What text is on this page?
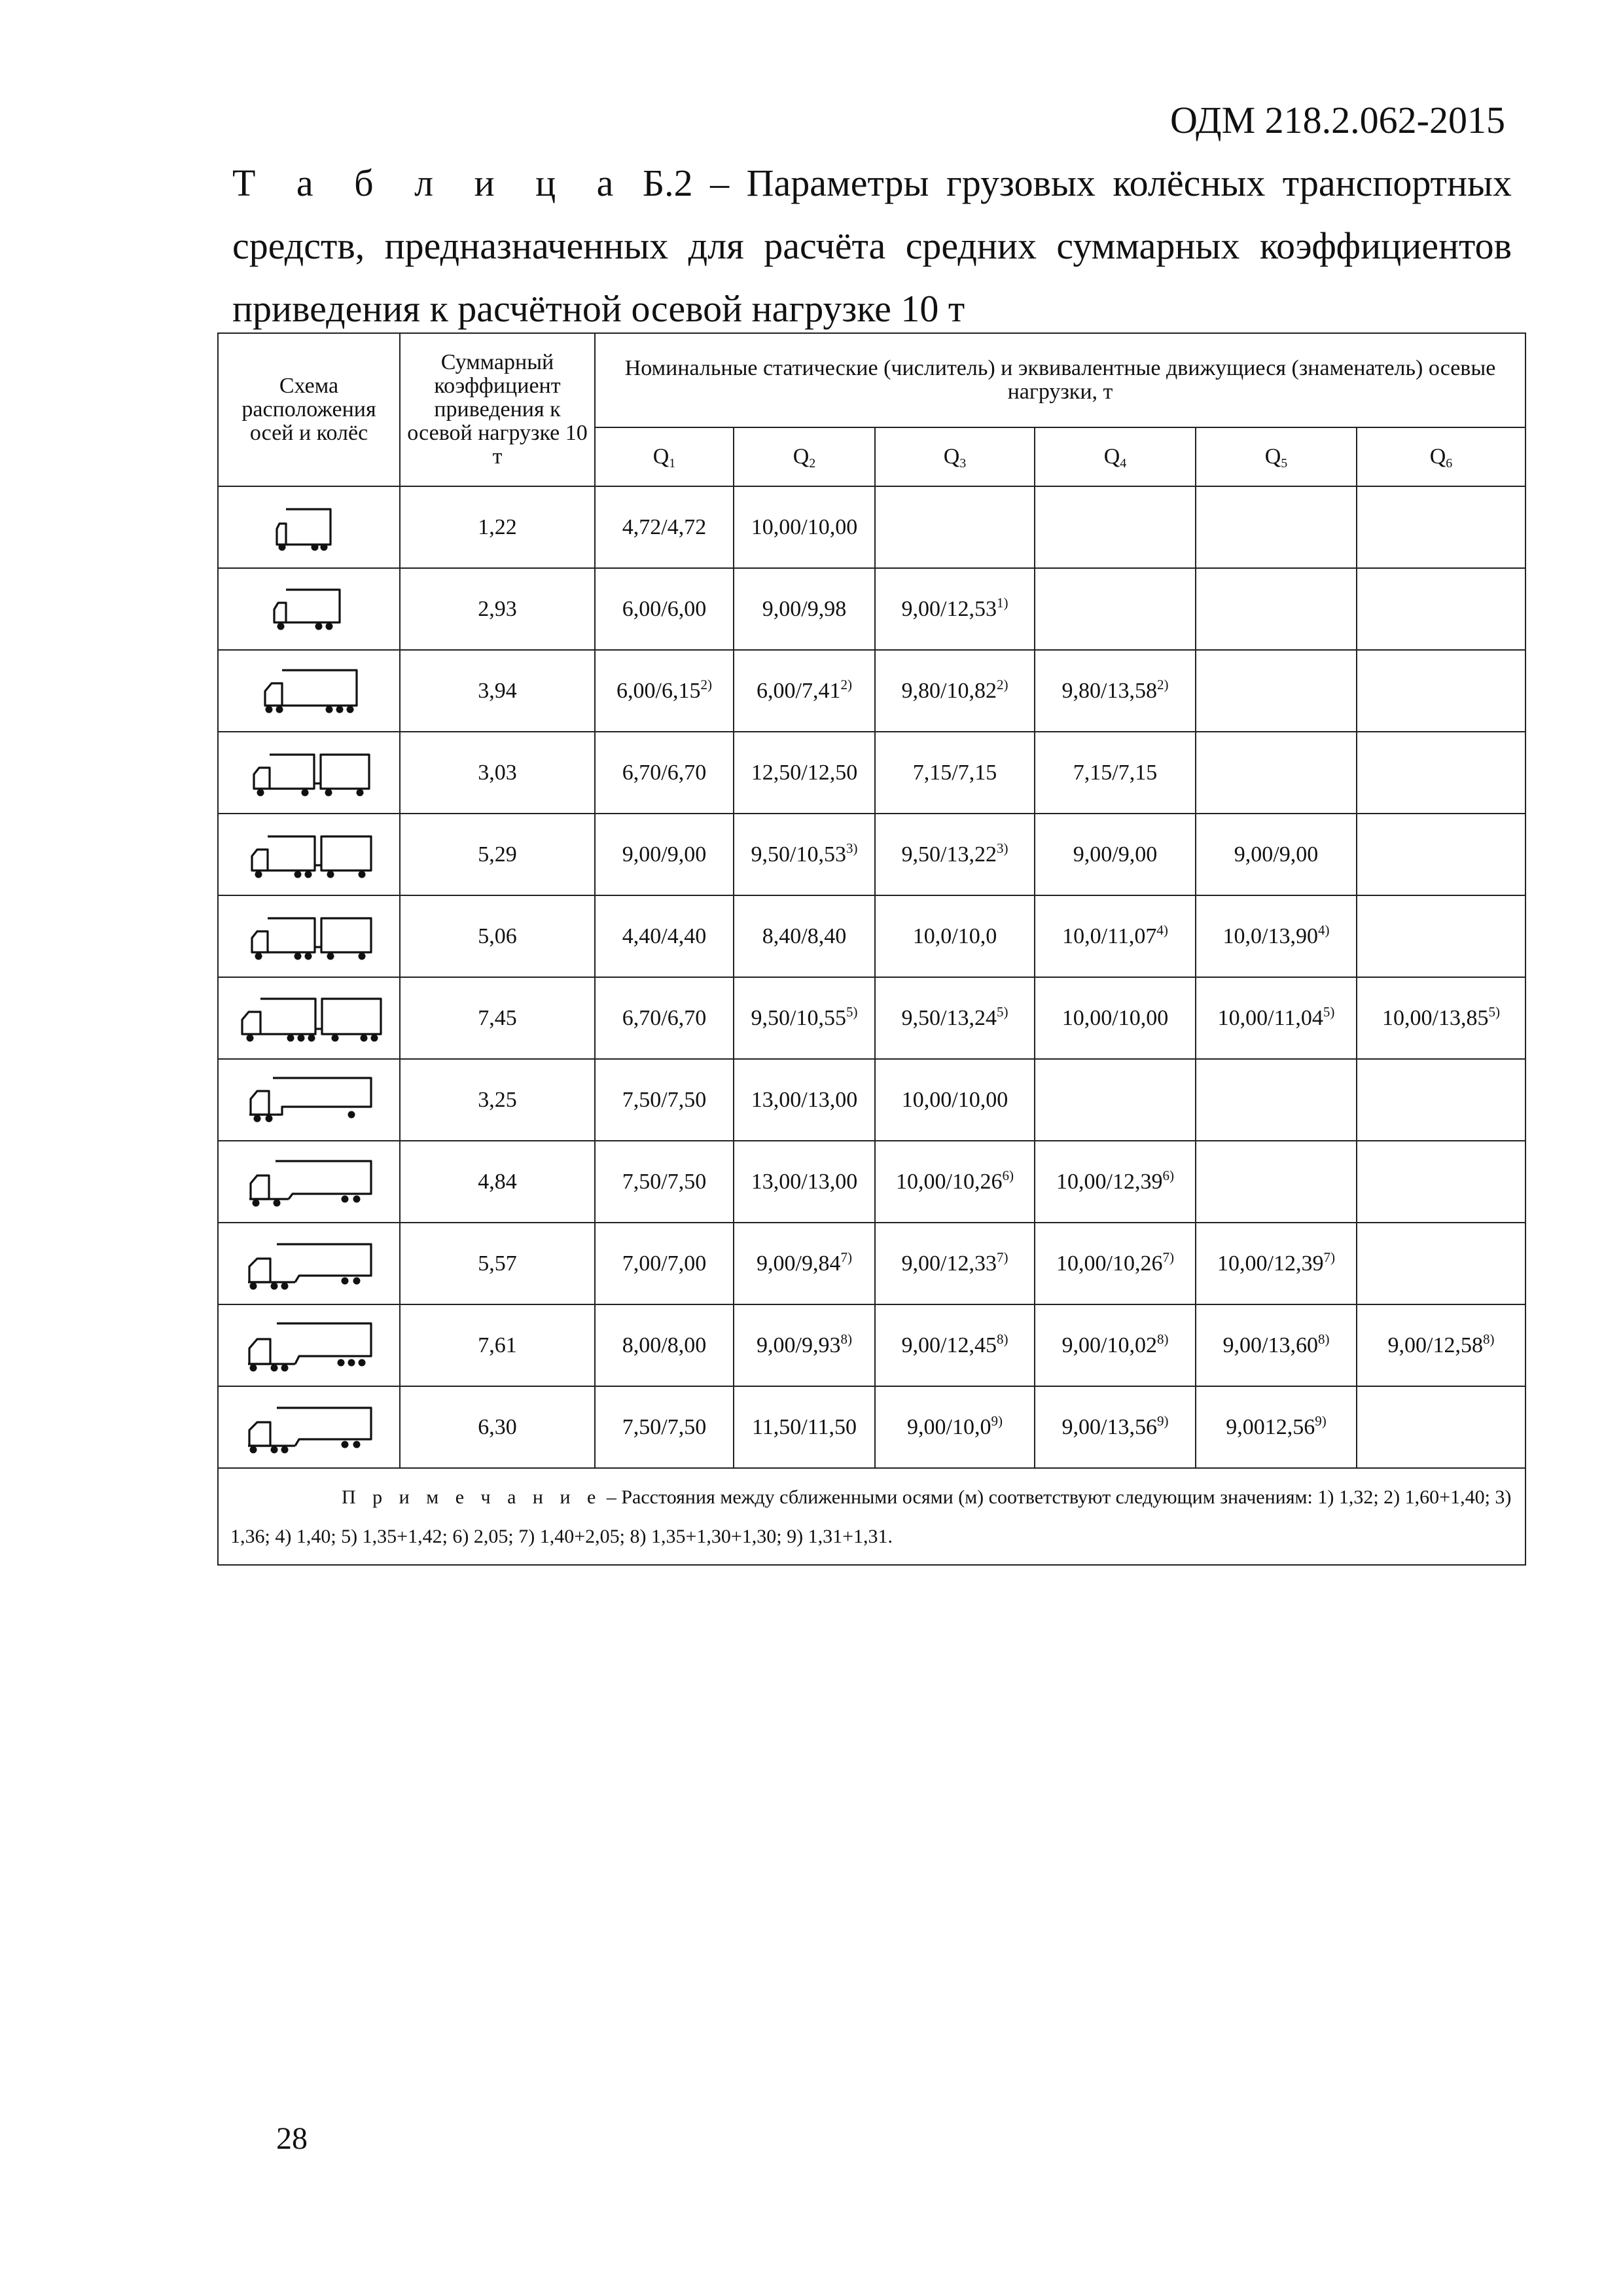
ОДМ 218.2.062-2015
Т а б л и ц а Б.2 – Параметры грузовых колёсных транспортных средств, предназначенных для расчёта средних суммарных коэффициентов приведения к расчётной осевой нагрузке 10 т
Схема расположения осей и колёс	Суммарный коэффициент приведения к осевой нагрузке 10 т	Номинальные статические (числитель) и эквивалентные движущиеся (знаменатель) осевые нагрузки, т					
		$Q_1$	$Q_2$	$Q_3$	$Q_4$	$Q_5$	$Q_6$

	1,22	4,72/4,72	10,00/10,00				

	2,93	6,00/6,00	9,00/9,98	9,00/12,53$^{1)}$			

	3,94	6,00/6,15$^{2)}$	6,00/7,41$^{2)}$	9,80/10,82$^{2)}$	9,80/13,58$^{2)}$		

	3,03	6,70/6,70	12,50/12,50	7,15/7,15	7,15/7,15		

	5,29	9,00/9,00	9,50/10,53$^{3)}$	9,50/13,22$^{3)}$	9,00/9,00	9,00/9,00	

	5,06	4,40/4,40	8,40/8,40	10,0/10,0	10,0/11,07$^{4)}$	10,0/13,90$^{4)}$	

	7,45	6,70/6,70	9,50/10,55$^{5)}$	9,50/13,24$^{5)}$	10,00/10,00	10,00/11,04$^{5)}$	10,00/13,85$^{5)}$

	3,25	7,50/7,50	13,00/13,00	10,00/10,00			

	4,84	7,50/7,50	13,00/13,00	10,00/10,26$^{6)}$	10,00/12,39$^{6)}$		

	5,57	7,00/7,00	9,00/9,84$^{7)}$	9,00/12,33$^{7)}$	10,00/10,26$^{7)}$	10,00/12,39$^{7)}$	

	7,61	8,00/8,00	9,00/9,93$^{8)}$	9,00/12,45$^{8)}$	9,00/10,02$^{8)}$	9,00/13,60$^{8)}$	9,00/12,58$^{8)}$

	6,30	7,50/7,50	11,50/11,50	9,00/10,0$^{9)}$	9,00/13,56$^{9)}$	9,0012,56$^{9)}$	
П р и м е ч а н и е – Расстояния между сближенными осями (м) соответствуют следующим значениям: 1) 1,32; 2) 1,60+1,40; 3) 1,36; 4) 1,40; 5) 1,35+1,42; 6) 2,05; 7) 1,40+2,05; 8) 1,35+1,30+1,30; 9) 1,31+1,31.							
28
